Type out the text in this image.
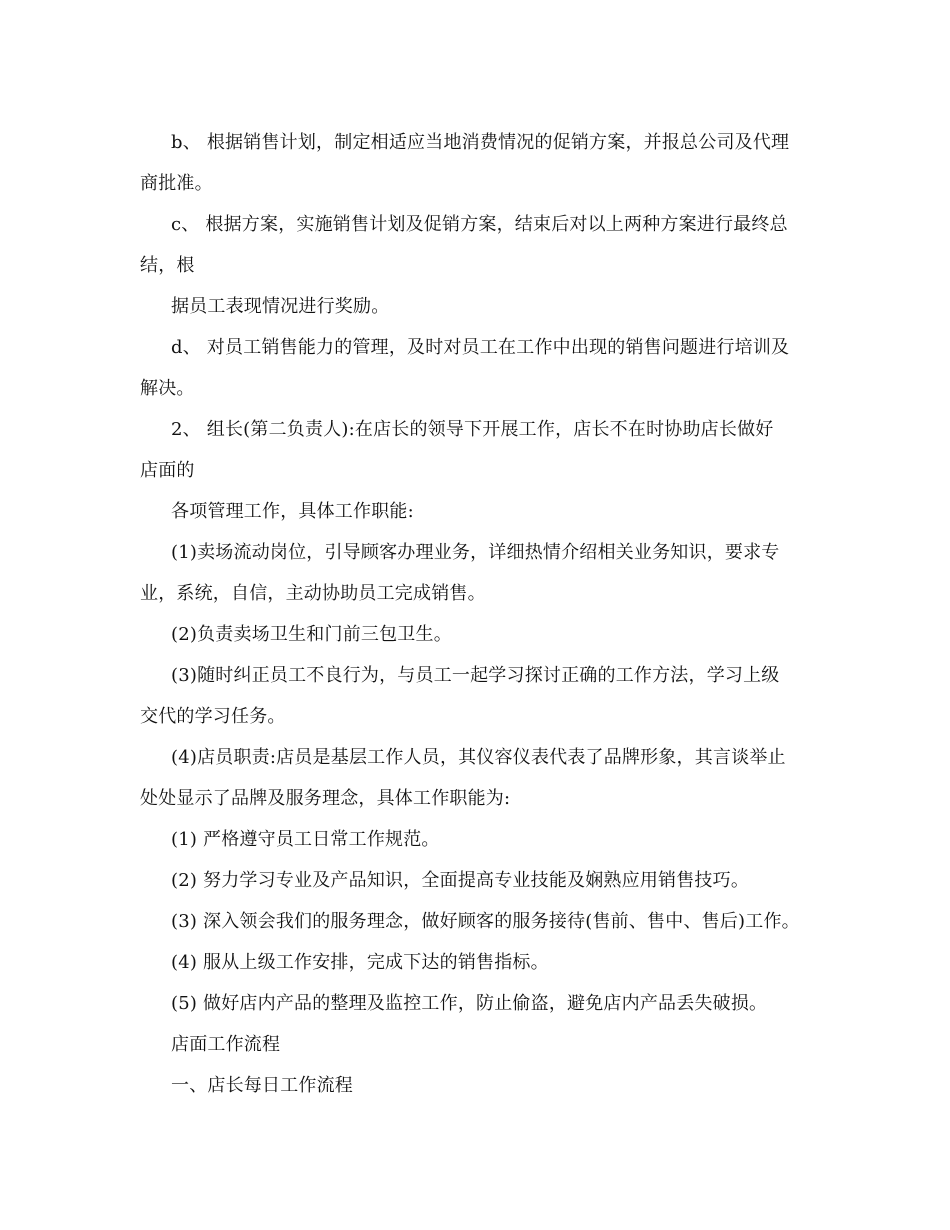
b、 根据销售计划，制定相适应当地消费情况的促销方案，并报总公司及代理
商批准。
c、 根据方案，实施销售计划及促销方案，结束后对以上两种方案进行最终总
结，根
据员工表现情况进行奖励。
d、 对员工销售能力的管理，及时对员工在工作中出现的销售问题进行培训及
解决。
2、 组长(第二负责人):在店长的领导下开展工作，店长不在时协助店长做好
店面的
各项管理工作，具体工作职能:
(1)卖场流动岗位，引导顾客办理业务，详细热情介绍相关业务知识，要求专
业，系统，自信，主动协助员工完成销售。
(2)负责卖场卫生和门前三包卫生。
(3)随时纠正员工不良行为，与员工一起学习探讨正确的工作方法，学习上级
交代的学习任务。
(4)店员职责:店员是基层工作人员，其仪容仪表代表了品牌形象，其言谈举止
处处显示了品牌及服务理念，具体工作职能为:
(1) 严格遵守员工日常工作规范。
(2) 努力学习专业及产品知识，全面提高专业技能及娴熟应用销售技巧。
(3) 深入领会我们的服务理念，做好顾客的服务接待(售前、售中、售后)工作。
(4) 服从上级工作安排，完成下达的销售指标。
(5) 做好店内产品的整理及监控工作，防止偷盗，避免店内产品丢失破损。
店面工作流程
一、店长每日工作流程
